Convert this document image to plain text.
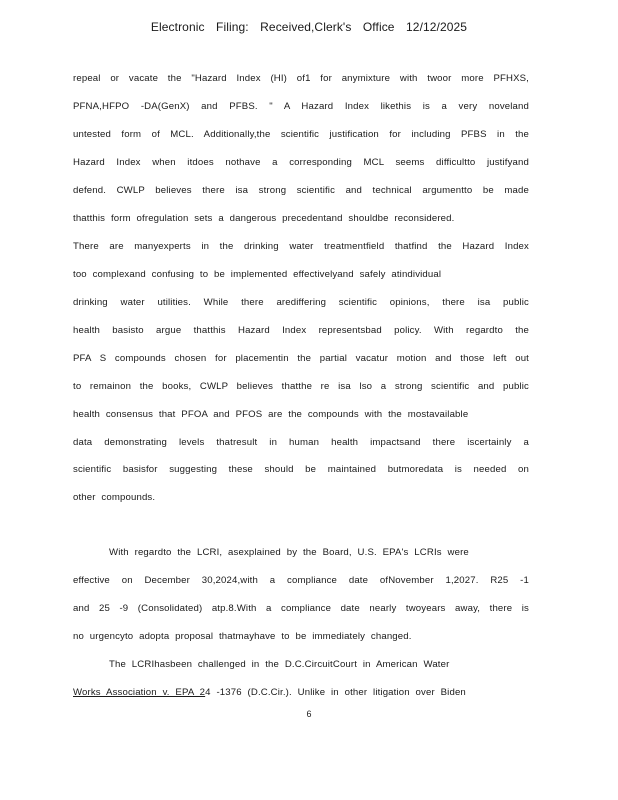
Electronic Filing: Received,Clerk's Office 12/12/2025
repeal or vacate the "Hazard Index (HI) of1 for anymixture with twoor more PFHXS,
PFNA,HFPO -DA(GenX) and PFBS. " A Hazard Index likethis is a very noveland
untested form of MCL. Additionally,the scientific justification for including PFBS in the
Hazard Index when itdoes nothave a corresponding MCL seems difficultto justifyand
defend. CWLP believes there isa strong scientific and technical argumentto be made
thatthis form ofregulation sets a dangerous precedentand shouldbe reconsidered.
There are manyexperts in the drinking water treatmentfield thatfind the Hazard Index
too complexand confusing to be implemented effectivelyand safely atindividual
drinking water utilities. While there arediffering scientific opinions, there isa public
health basisto argue thatthis Hazard Index representsbad policy. With regardto the
PFA S compounds chosen for placementin the partial vacatur motion and those left out
to remainon the books, CWLP believes thatthe re isa lso a strong scientific and public
health consensus that PFOA and PFOS are the compounds with the mostavailable
data demonstrating levels thatresult in human health impactsand there iscertainly a
scientific basisfor suggesting these should be maintained butmoredata is needed on
other compounds.
With regardto the LCRI, asexplained by the Board, U.S. EPA's LCRIs were
effective on December 30,2024,with a compliance date ofNovember 1,2027. R25 -1
and 25 -9 (Consolidated) atp.8.With a compliance date nearly twoyears away, there is
no urgencyto adopta proposal thatmayhave to be immediately changed.
The LCRIhasbeen challenged in the D.C.CircuitCourt in American Water
Works Association v. EPA 24 -1376 (D.C.Cir.). Unlike in other litigation over Biden
6
